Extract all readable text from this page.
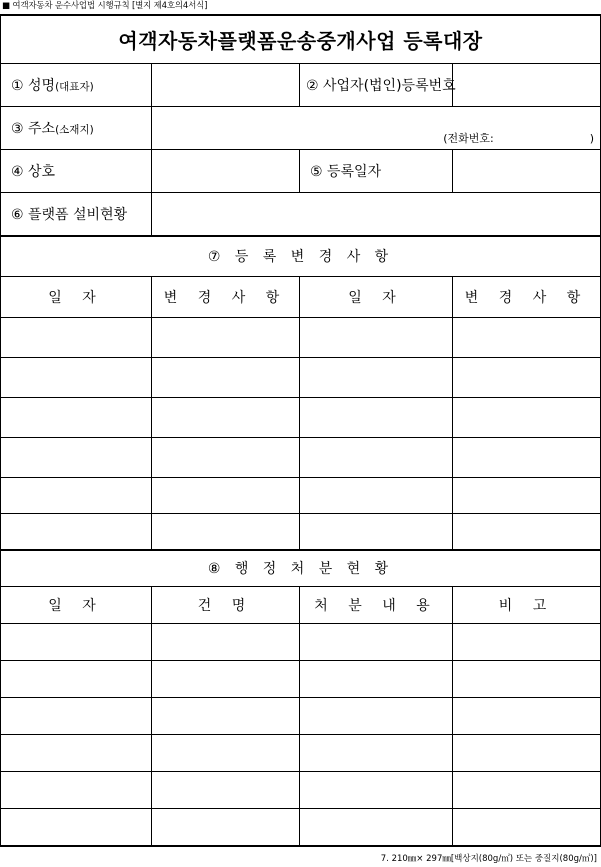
■ 여객자동차 운수사업법 시행규칙 [별지 제4호의4서식]
여객자동차플랫폼운송중개사업 등록대장			
① 성명(대표자)		② 사업자(법인)등록번호	
③ 주소(소재지)	(전화번호: )		

④ 상호		⑤ 등록일자	
⑥ 플랫폼 설비현황			
⑦ 등 록 변 경 사 항			
일 자	변 경 사 항	일 자	변 경 사 항

⑧ 행 정 처 분 현 황			
일 자	건 명	처 분 내 용	비 고

7. 210㎜× 297㎜[백상지(80g/㎡) 또는 중질지(80g/㎡)]
